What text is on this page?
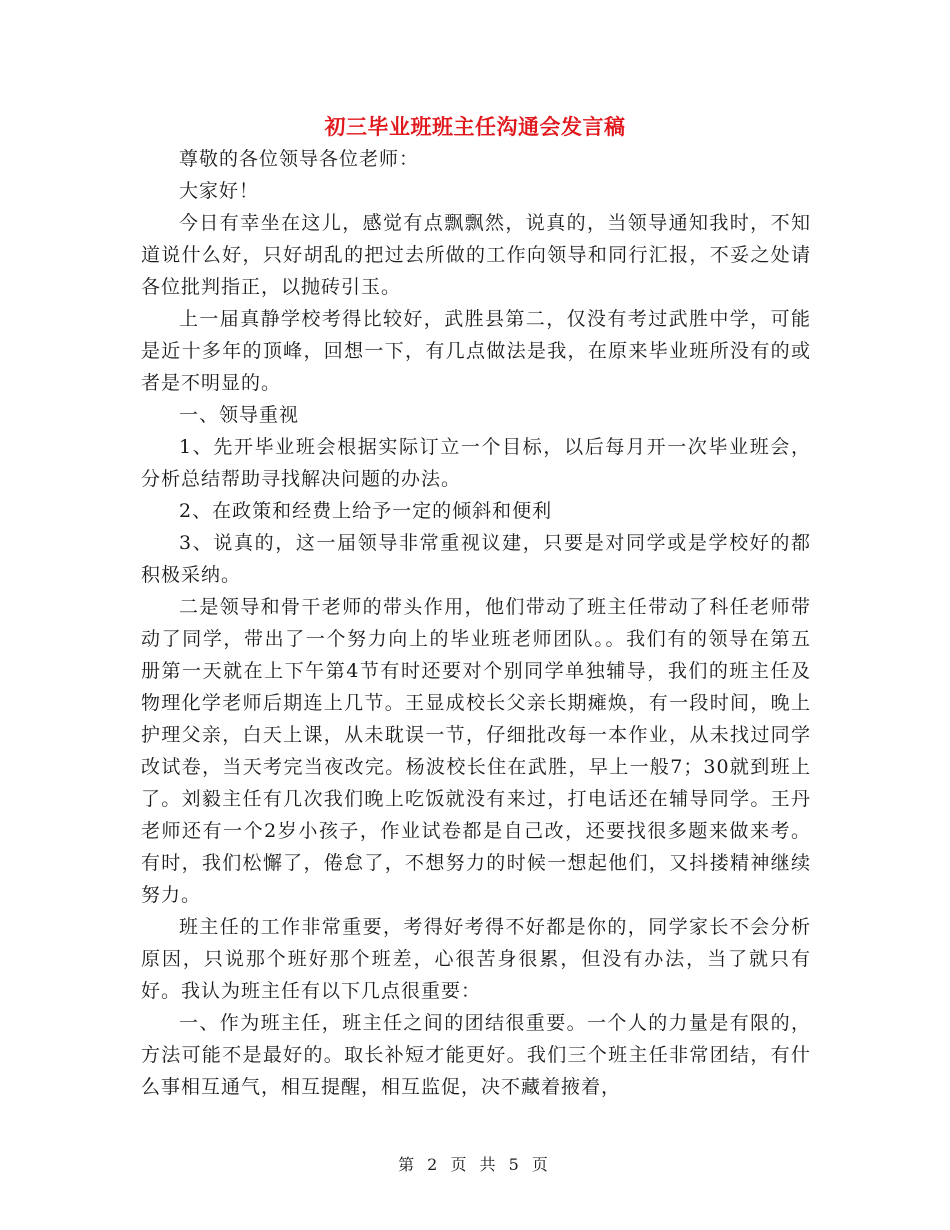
初三毕业班班主任沟通会发言稿

尊敬的各位领导各位老师：

大家好！

今日有幸坐在这儿，感觉有点飘飘然，说真的，当领导通知我时，不知道说什么好，只好胡乱的把过去所做的工作向领导和同行汇报，不妥之处请各位批判指正，以抛砖引玉。

上一届真静学校考得比较好，武胜县第二，仅没有考过武胜中学，可能是近十多年的顶峰，回想一下，有几点做法是我，在原来毕业班所没有的或者是不明显的。

一、领导重视

1、先开毕业班会根据实际订立一个目标，以后每月开一次毕业班会，分析总结帮助寻找解决问题的办法。

2、在政策和经费上给予一定的倾斜和便利

3、说真的，这一届领导非常重视议建，只要是对同学或是学校好的都积极采纳。

二是领导和骨干老师的带头作用，他们带动了班主任带动了科任老师带动了同学，带出了一个努力向上的毕业班老师团队。。我们有的领导在第五册第一天就在上下午第4节有时还要对个别同学单独辅导，我们的班主任及物理化学老师后期连上几节。王显成校长父亲长期瘫焕，有一段时间，晚上护理父亲，白天上课，从未耽误一节，仔细批改每一本作业，从未找过同学改试卷，当天考完当夜改完。杨波校长住在武胜，早上一般7；30就到班上了。刘毅主任有几次我们晚上吃饭就没有来过，打电话还在辅导同学。王丹老师还有一个2岁小孩子，作业试卷都是自己改，还要找很多题来做来考。有时，我们松懈了，倦怠了，不想努力的时候一想起他们，又抖搂精神继续努力。

班主任的工作非常重要，考得好考得不好都是你的，同学家长不会分析原因，只说那个班好那个班差，心很苦身很累，但没有办法，当了就只有好。我认为班主任有以下几点很重要：

一、作为班主任，班主任之间的团结很重要。一个人的力量是有限的，方法可能不是最好的。取长补短才能更好。我们三个班主任非常团结，有什么事相互通气，相互提醒，相互监促，决不藏着掖着，

第 2 页 共 5 页
